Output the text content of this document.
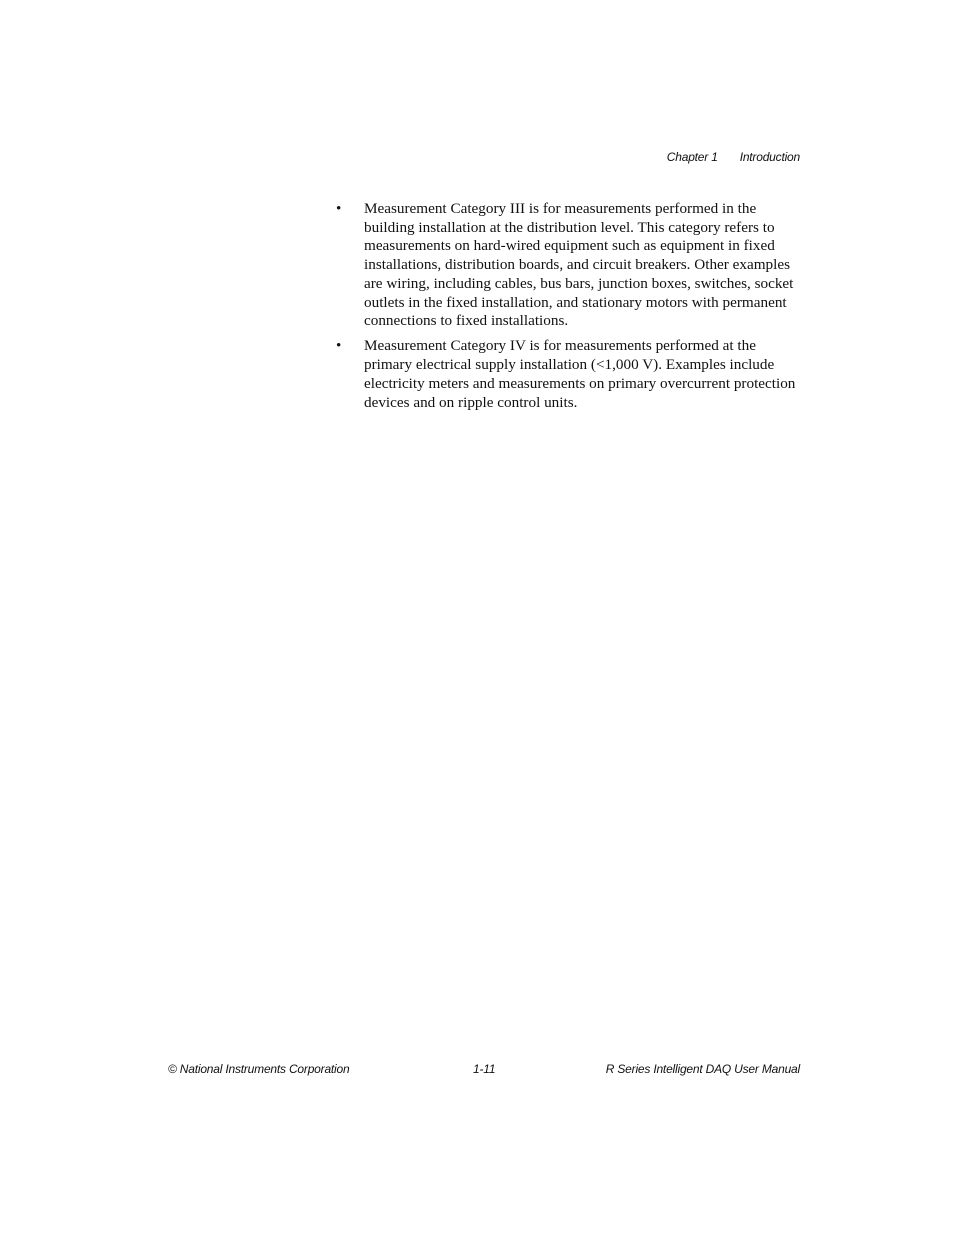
Chapter 1 Introduction
• Measurement Category III is for measurements performed in the building installation at the distribution level. This category refers to measurements on hard-wired equipment such as equipment in fixed installations, distribution boards, and circuit breakers. Other examples are wiring, including cables, bus bars, junction boxes, switches, socket outlets in the fixed installation, and stationary motors with permanent connections to fixed installations.
• Measurement Category IV is for measurements performed at the primary electrical supply installation (<1,000 V). Examples include electricity meters and measurements on primary overcurrent protection devices and on ripple control units.
© National Instruments Corporation	1-11	R Series Intelligent DAQ User Manual
